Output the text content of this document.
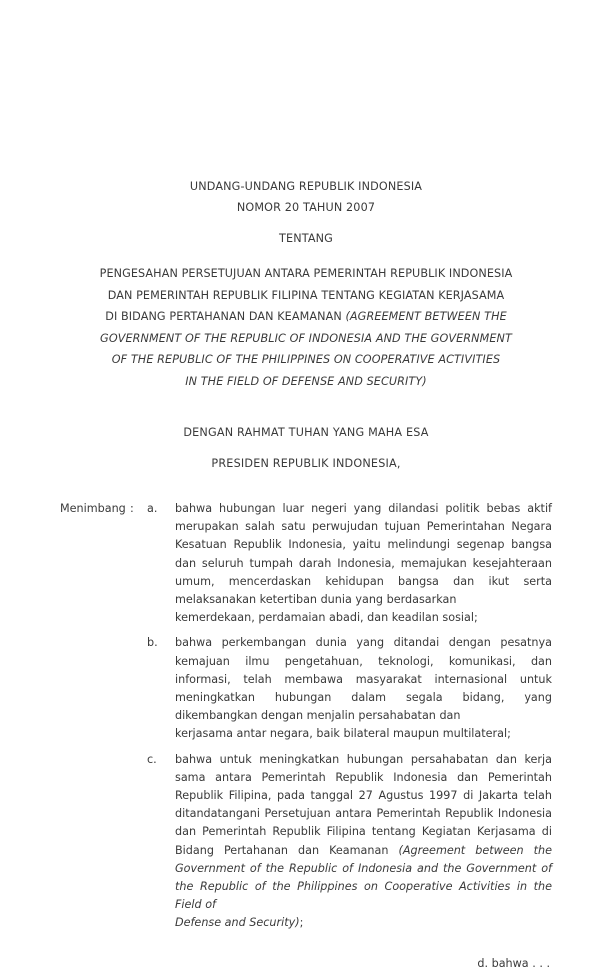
UNDANG-UNDANG REPUBLIK INDONESIA
NOMOR 20 TAHUN 2007
TENTANG
PENGESAHAN PERSETUJUAN ANTARA PEMERINTAH REPUBLIK INDONESIA
DAN PEMERINTAH REPUBLIK FILIPINA TENTANG KEGIATAN KERJASAMA
DI BIDANG PERTAHANAN DAN KEAMANAN (AGREEMENT BETWEEN THE
GOVERNMENT OF THE REPUBLIC OF INDONESIA AND THE GOVERNMENT
OF THE REPUBLIC OF THE PHILIPPINES ON COOPERATIVE ACTIVITIES
IN THE FIELD OF DEFENSE AND SECURITY)
DENGAN RAHMAT TUHAN YANG MAHA ESA
PRESIDEN REPUBLIK INDONESIA,
Menimbang :	a.	bahwa hubungan luar negeri yang dilandasi politik bebas aktif merupakan salah satu perwujudan tujuan Pemerintahan Negara Kesatuan Republik Indonesia, yaitu melindungi segenap bangsa dan seluruh tumpah darah Indonesia, memajukan kesejahteraan umum, mencerdaskan kehidupan bangsa dan ikut serta melaksanakan ketertiban dunia yang berdasarkan
kemerdekaan, perdamaian abadi, dan keadilan sosial;
b.	bahwa perkembangan dunia yang ditandai dengan pesatnya kemajuan ilmu pengetahuan, teknologi, komunikasi, dan informasi, telah membawa masyarakat internasional untuk meningkatkan hubungan dalam segala bidang, yang dikembangkan dengan menjalin persahabatan dan
kerjasama antar negara, baik bilateral maupun multilateral;
c.	bahwa untuk meningkatkan hubungan persahabatan dan kerja sama antara Pemerintah Republik Indonesia dan Pemerintah Republik Filipina, pada tanggal 27 Agustus 1997 di Jakarta telah ditandatangani Persetujuan antara Pemerintah Republik Indonesia dan Pemerintah Republik Filipina tentang Kegiatan Kerjasama di Bidang Pertahanan dan Keamanan (Agreement between the Government of the Republic of Indonesia and the Government of the Republic of the Philippines on Cooperative Activities in the Field of
Defense and Security);
d. bahwa . . .
